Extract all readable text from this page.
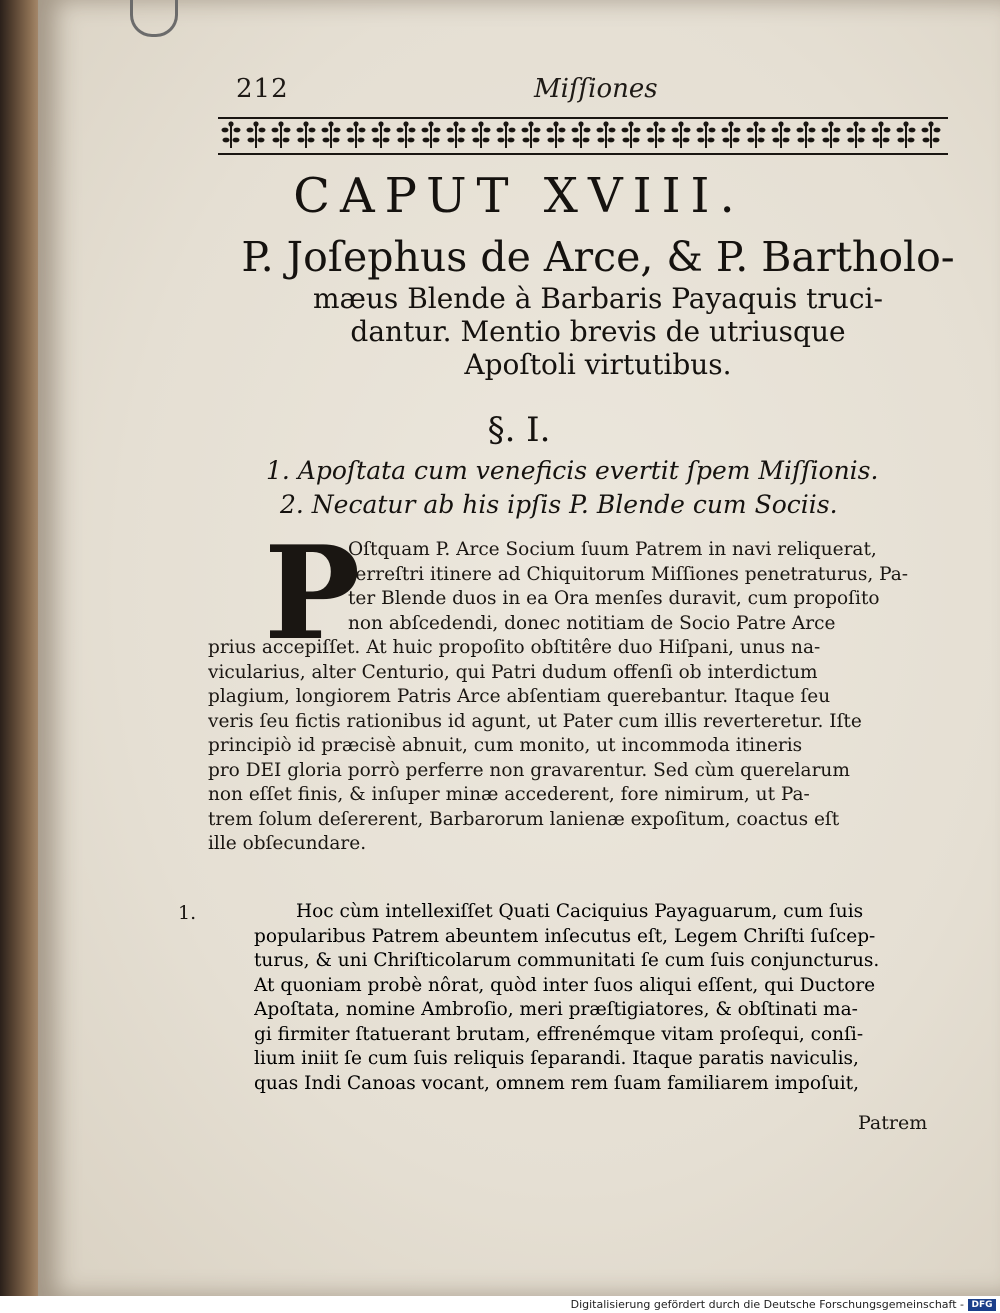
212	Miſſiones
CAPUT XVIII.
P. Joſephus de Arce, & P. Bartholo-
mæus Blende à Barbaris Payaquis truci-
dantur. Mentio brevis de utriusque
Apoſtoli virtutibus.
§. I.
1. Apoſtata cum veneficis evertit ſpem Miſſionis.
2. Necatur ab his ipſis P. Blende cum Sociis.
P
Oſtquam P. Arce Socium ſuum Patrem in navi reliquerat,
terreſtri itinere ad Chiquitorum Miſſiones penetraturus, Pa-
ter Blende duos in ea Ora menſes duravit, cum propoſito
non abſcedendi, donec notitiam de Socio Patre Arce
prius accepiſſet. At huic propoſito obſtitêre duo Hiſpani, unus na-
vicularius, alter Centurio, qui Patri dudum offenſi ob interdictum
plagium, longiorem Patris Arce abſentiam querebantur. Itaque ſeu
veris ſeu fictis rationibus id agunt, ut Pater cum illis reverteretur. Iſte
principiò id præcisè abnuit, cum monito, ut incommoda itineris
pro DEI gloria porrò perferre non gravarentur. Sed cùm querelarum
non eſſet finis, & inſuper minæ accederent, fore nimirum, ut Pa-
trem ſolum deſererent, Barbarorum lanienæ expoſitum, coactus eſt
ille obſecundare.
1.	Hoc cùm intellexiſſet Quati Caciquius Payaguarum, cum ſuis
popularibus Patrem abeuntem inſecutus eſt, Legem Chriſti ſuſcep-
turus, & uni Chriſticolarum communitati ſe cum ſuis conjuncturus.
At quoniam probè nôrat, quòd inter ſuos aliqui eſſent, qui Ductore
Apoſtata, nomine Ambroſio, meri præſtigiatores, & obſtinati ma-
gi firmiter ſtatuerant brutam, effrenémque vitam proſequi, conſi-
lium iniit ſe cum ſuis reliquis ſeparandi. Itaque paratis naviculis,
quas Indi Canoas vocant, omnem rem ſuam familiarem impoſuit,
Patrem
Digitalisierung gefördert durch die Deutsche Forschungsgemeinschaft - DFG
